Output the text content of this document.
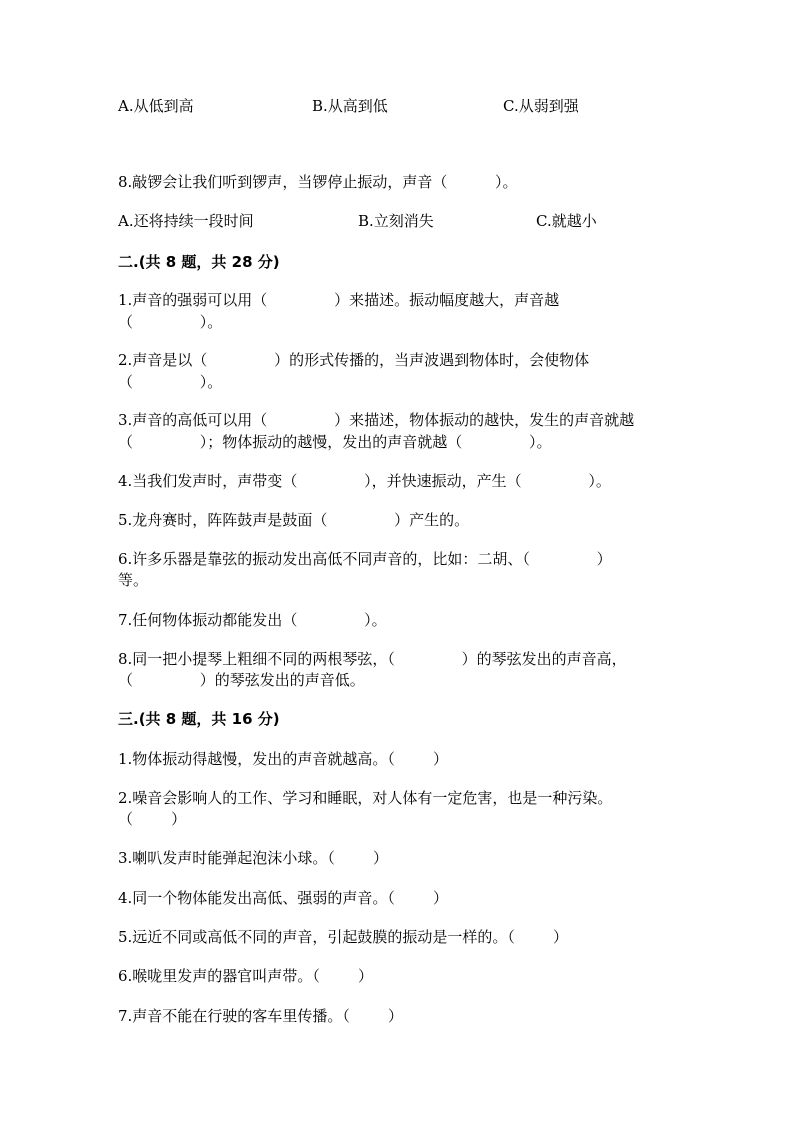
A.从低到高	B.从高到低	C.从弱到强
8.敲锣会让我们听到锣声，当锣停止振动，声音（          ）。
A.还将持续一段时间	B.立刻消失	C.就越小
二.(共 8 题，共 28 分)
1.声音的强弱可以用（              ）来描述。振动幅度越大，声音越
（              ）。
2.声音是以（              ）的形式传播的，当声波遇到物体时，会使物体
（              ）。
3.声音的高低可以用（              ）来描述，物体振动的越快，发生的声音就越
（              ）；物体振动的越慢，发出的声音就越（              ）。
4.当我们发声时，声带变（              ），并快速振动，产生（              ）。
5.龙舟赛时，阵阵鼓声是鼓面（              ）产生的。
6.许多乐器是靠弦的振动发出高低不同声音的，比如：二胡、（              ）
等。
7.任何物体振动都能发出（              ）。
8.同一把小提琴上粗细不同的两根琴弦，（              ）的琴弦发出的声音高，
（              ）的琴弦发出的声音低。
三.(共 8 题，共 16 分)
1.物体振动得越慢，发出的声音就越高。（        ）
2.噪音会影响人的工作、学习和睡眠，对人体有一定危害，也是一种污染。
（        ）
3.喇叭发声时能弹起泡沫小球。（        ）
4.同一个物体能发出高低、强弱的声音。（        ）
5.远近不同或高低不同的声音，引起鼓膜的振动是一样的。（        ）
6.喉咙里发声的器官叫声带。（        ）
7.声音不能在行驶的客车里传播。（        ）
